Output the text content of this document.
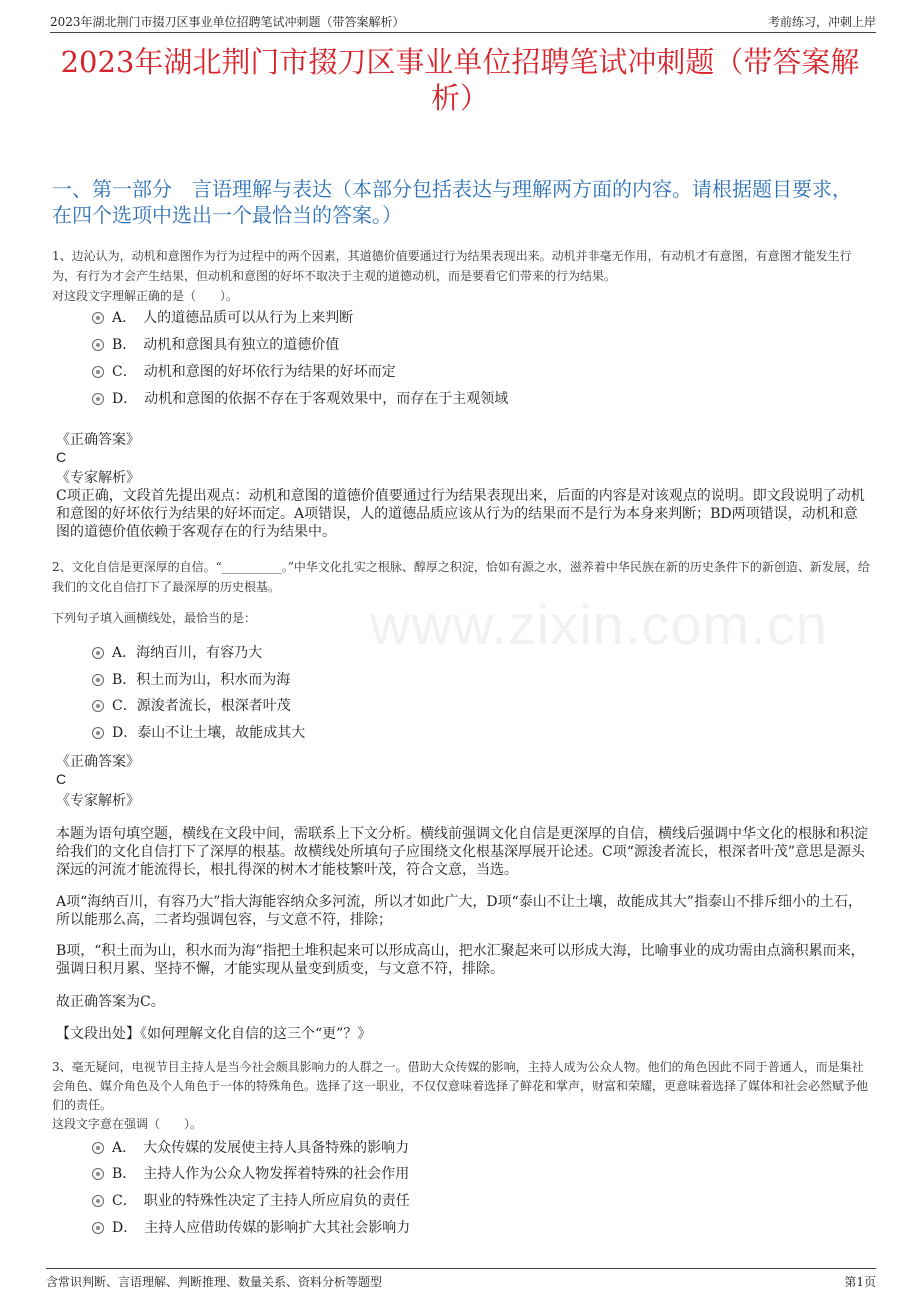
2023年湖北荆门市掇刀区事业单位招聘笔试冲刺题（带答案解析）	考前练习，冲刺上岸
2023年湖北荆门市掇刀区事业单位招聘笔试冲刺题（带答案解析）
一、第一部分　言语理解与表达（本部分包括表达与理解两方面的内容。请根据题目要求，在四个选项中选出一个最恰当的答案。）
www.zixin.com.cn
1、边沁认为，动机和意图作为行为过程中的两个因素，其道德价值要通过行为结果表现出来。动机并非毫无作用，有动机才有意图，有意图才能发生行为，有行为才会产生结果，但动机和意图的好坏不取决于主观的道德动机，而是要看它们带来的行为结果。
对这段文字理解正确的是（　　）。
A．　人的道德品质可以从行为上来判断
B．　动机和意图具有独立的道德价值
C．　动机和意图的好坏依行为结果的好坏而定
D．　动机和意图的依据不存在于客观效果中，而存在于主观领域
《正确答案》
C
《专家解析》
C项正确，文段首先提出观点：动机和意图的道德价值要通过行为结果表现出来，后面的内容是对该观点的说明。即文段说明了动机和意图的好坏依行为结果的好坏而定。A项错误，人的道德品质应该从行为的结果而不是行为本身来判断；BD两项错误，动机和意图的道德价值依赖于客观存在的行为结果中。
2、文化自信是更深厚的自信。“__________。”中华文化扎实之根脉、醇厚之积淀，恰如有源之水，滋养着中华民族在新的历史条件下的新创造、新发展，给我们的文化自信打下了最深厚的历史根基。
下列句子填入画横线处，最恰当的是：
A．海纳百川，有容乃大
B．积土而为山，积水而为海
C．源浚者流长，根深者叶茂
D．泰山不让土壤，故能成其大
《正确答案》
C
《专家解析》
本题为语句填空题，横线在文段中间，需联系上下文分析。横线前强调文化自信是更深厚的自信，横线后强调中华文化的根脉和积淀给我们的文化自信打下了深厚的根基。故横线处所填句子应围绕文化根基深厚展开论述。C项“源浚者流长，根深者叶茂”意思是源头深远的河流才能流得长，根扎得深的树木才能枝繁叶茂，符合文意，当选。
A项“海纳百川，有容乃大”指大海能容纳众多河流，所以才如此广大，D项“泰山不让土壤，故能成其大”指泰山不排斥细小的土石，所以能那么高，二者均强调包容，与文意不符，排除；
B项，“积土而为山，积水而为海”指把土堆积起来可以形成高山，把水汇聚起来可以形成大海，比喻事业的成功需由点滴积累而来，强调日积月累、坚持不懈，才能实现从量变到质变，与文意不符，排除。
故正确答案为C。
【文段出处】《如何理解文化自信的这三个“更”？》
3、毫无疑问，电视节目主持人是当今社会颇具影响力的人群之一。借助大众传媒的影响，主持人成为公众人物。他们的角色因此不同于普通人，而是集社会角色、媒介角色及个人角色于一体的特殊角色。选择了这一职业，不仅仅意味着选择了鲜花和掌声，财富和荣耀，更意味着选择了媒体和社会必然赋予他们的责任。
这段文字意在强调（　　）。
A．　大众传媒的发展使主持人具备特殊的影响力
B．　主持人作为公众人物发挥着特殊的社会作用
C．　职业的特殊性决定了主持人所应肩负的责任
D．　主持人应借助传媒的影响扩大其社会影响力
含常识判断、言语理解、判断推理、数量关系、资料分析等题型	第1页
